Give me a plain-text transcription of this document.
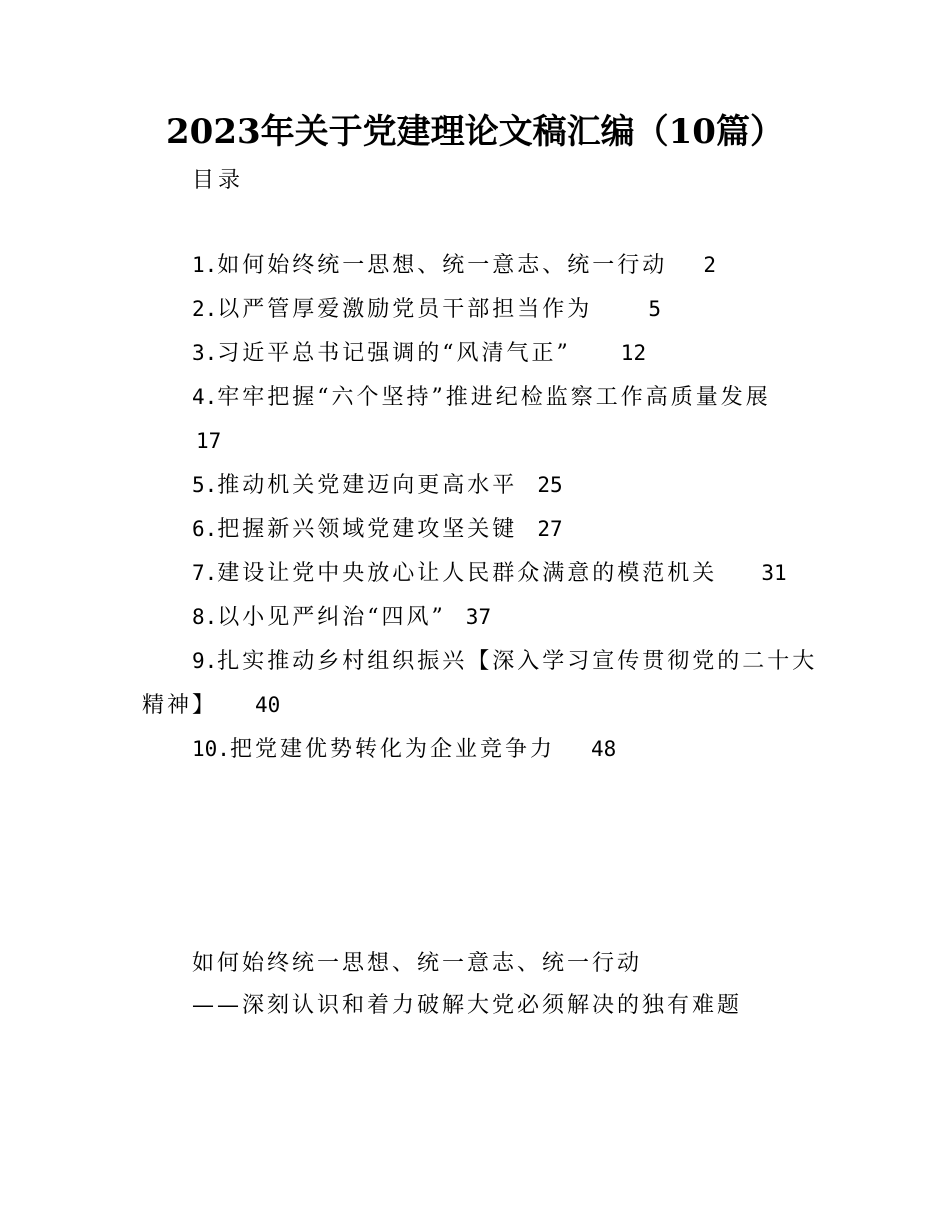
2023年关于党建理论文稿汇编（10篇）
目录
1.如何始终统一思想、统一意志、统一行动 2
2.以严管厚爱激励党员干部担当作为	5
3.习近平总书记强调的“风清气正” 12
4.牢牢把握“六个坚持”推进纪检监察工作高质量发展
17
5.推动机关党建迈向更高水平 25
6.把握新兴领域党建攻坚关键 27
7.建设让党中央放心让人民群众满意的模范机关 31
8.以小见严纠治“四风” 37
9.扎实推动乡村组织振兴【深入学习宣传贯彻党的二十大
精神】 40
10.把党建优势转化为企业竞争力 48
如何始终统一思想、统一意志、统一行动
——深刻认识和着力破解大党必须解决的独有难题
